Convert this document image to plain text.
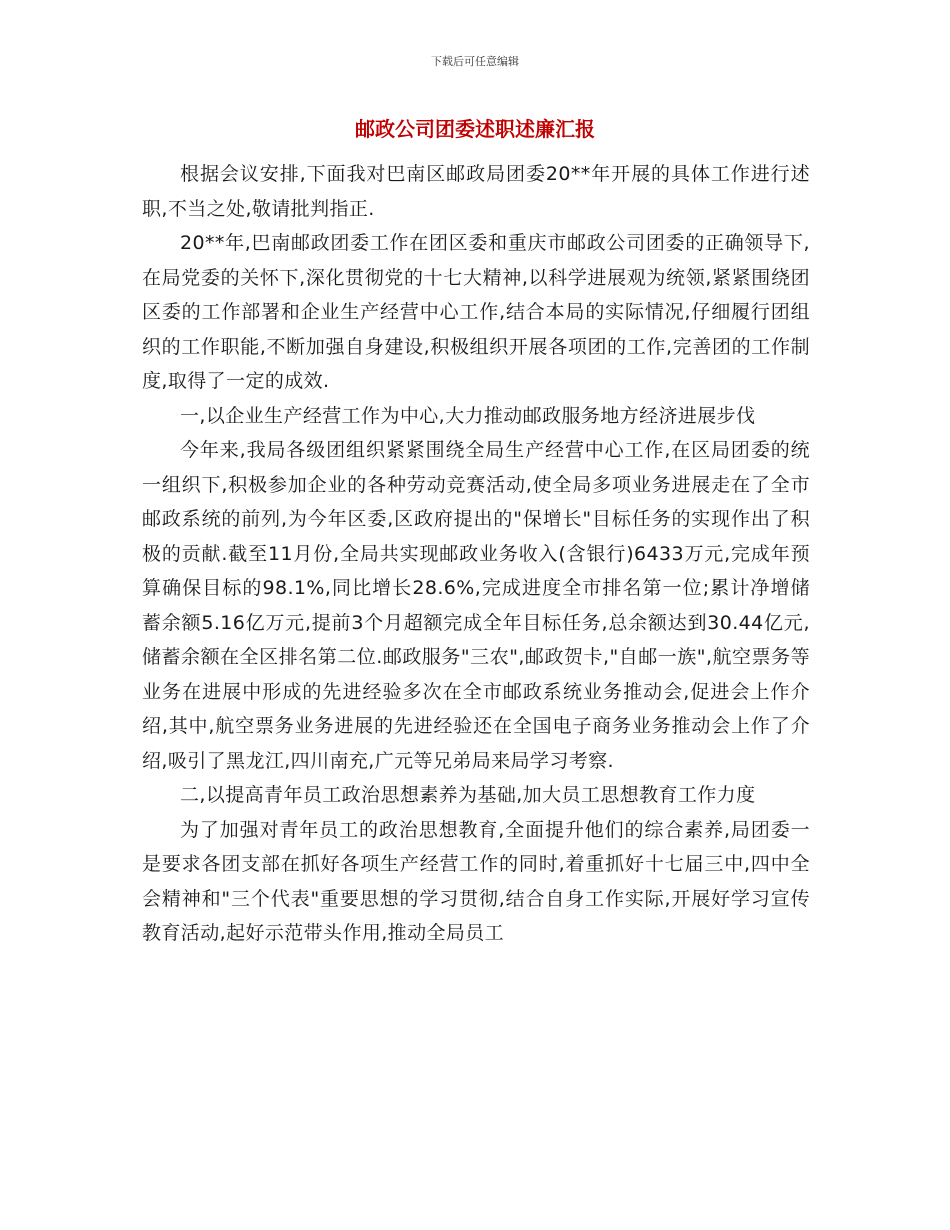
下载后可任意编辑
邮政公司团委述职述廉汇报

根据会议安排,下面我对巴南区邮政局团委20**年开展的具体工作进行述职,不当之处,敬请批判指正.

20**年,巴南邮政团委工作在团区委和重庆市邮政公司团委的正确领导下,在局党委的关怀下,深化贯彻党的十七大精神,以科学进展观为统领,紧紧围绕团区委的工作部署和企业生产经营中心工作,结合本局的实际情况,仔细履行团组织的工作职能,不断加强自身建设,积极组织开展各项团的工作,完善团的工作制度,取得了一定的成效.

一,以企业生产经营工作为中心,大力推动邮政服务地方经济进展步伐

今年来,我局各级团组织紧紧围绕全局生产经营中心工作,在区局团委的统一组织下,积极参加企业的各种劳动竞赛活动,使全局多项业务进展走在了全市邮政系统的前列,为今年区委,区政府提出的"保增长"目标任务的实现作出了积极的贡献.截至11月份,全局共实现邮政业务收入(含银行)6433万元,完成年预算确保目标的98.1%,同比增长28.6%,完成进度全市排名第一位;累计净增储蓄余额5.16亿万元,提前3个月超额完成全年目标任务,总余额达到30.44亿元,储蓄余额在全区排名第二位.邮政服务"三农",邮政贺卡,"自邮一族",航空票务等业务在进展中形成的先进经验多次在全市邮政系统业务推动会,促进会上作介绍,其中,航空票务业务进展的先进经验还在全国电子商务业务推动会上作了介绍,吸引了黑龙江,四川南充,广元等兄弟局来局学习考察.

二,以提高青年员工政治思想素养为基础,加大员工思想教育工作力度

为了加强对青年员工的政治思想教育,全面提升他们的综合素养,局团委一是要求各团支部在抓好各项生产经营工作的同时,着重抓好十七届三中,四中全会精神和"三个代表"重要思想的学习贯彻,结合自身工作实际,开展好学习宣传教育活动,起好示范带头作用,推动全局员工
